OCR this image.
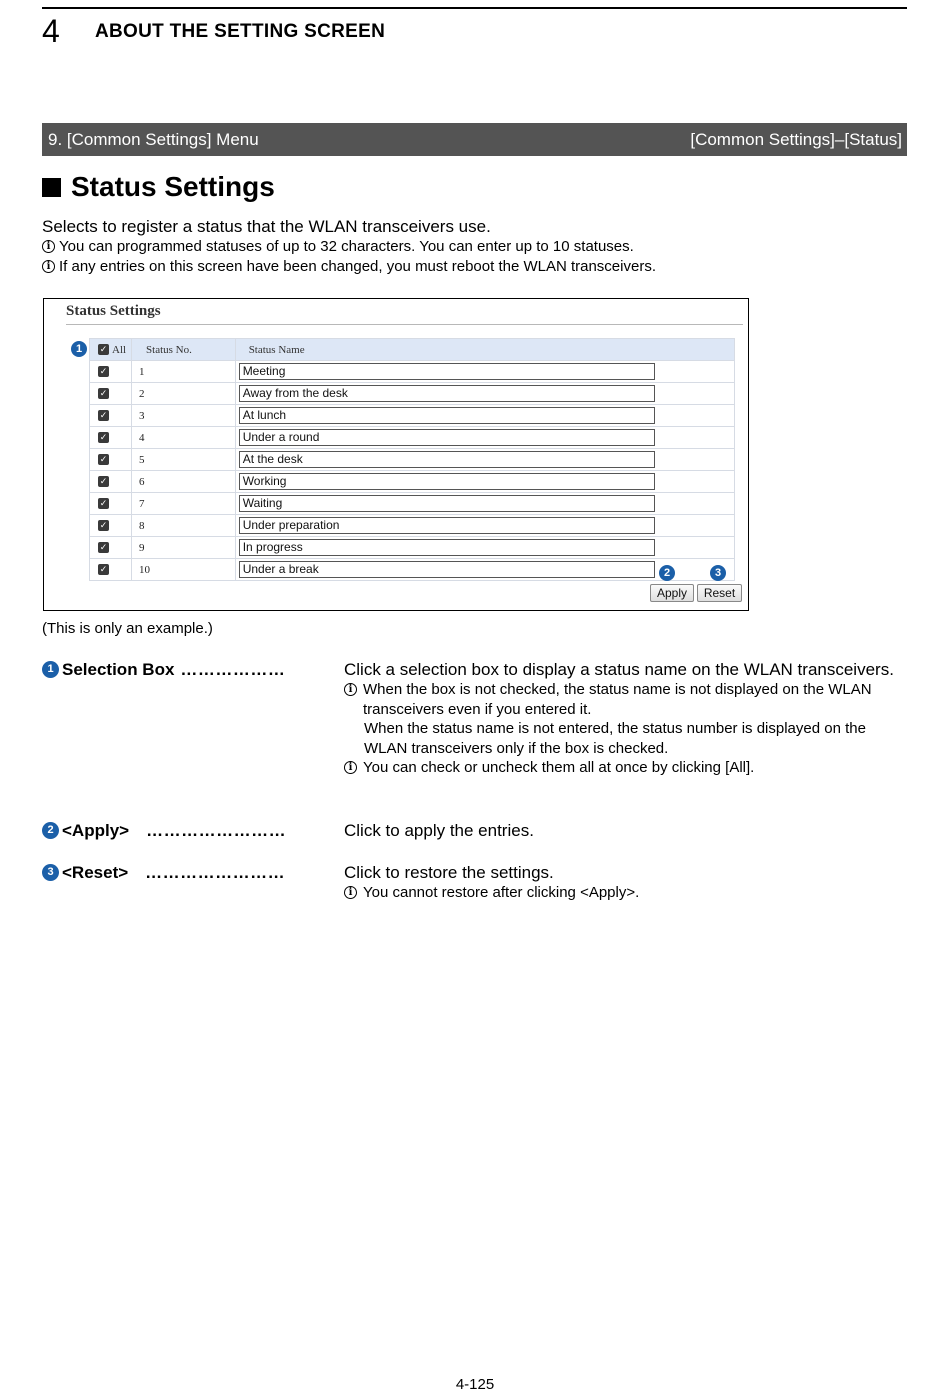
4 ABOUT THE SETTING SCREEN
9. [Common Settings] Menu	[Common Settings]–[Status]
Status Settings
Selects to register a status that the WLAN transceivers use.
i You can programmed statuses of up to 32 characters. You can enter up to 10 statuses.
i If any entries on this screen have been changed, you must reboot the WLAN transceivers.
Status Settings
1	✓ All	Status No.	Status Name
✓	1	Meeting

✓	2	Away from the desk

✓	3	At lunch

✓	4	Under a round

✓	5	At the desk

✓	6	Working

✓	7	Waiting

✓	8	Under preparation

✓	9	In progress

✓	10	Under a break	2	3
Apply	Reset
(This is only an example.)
1 Selection Box ………………	Click a selection box to display a status name on the WLAN transceivers.
i When the box is not checked, the status name is not displayed on the WLAN transceivers even if you entered it.
When the status name is not entered, the status number is displayed on the WLAN transceivers only if the box is checked.
i You can check or uncheck them all at once by clicking [All].
2 <Apply> ……………………	Click to apply the entries.
3 <Reset> ……………………	Click to restore the settings.
i You cannot restore after clicking <Apply>.
4-125
